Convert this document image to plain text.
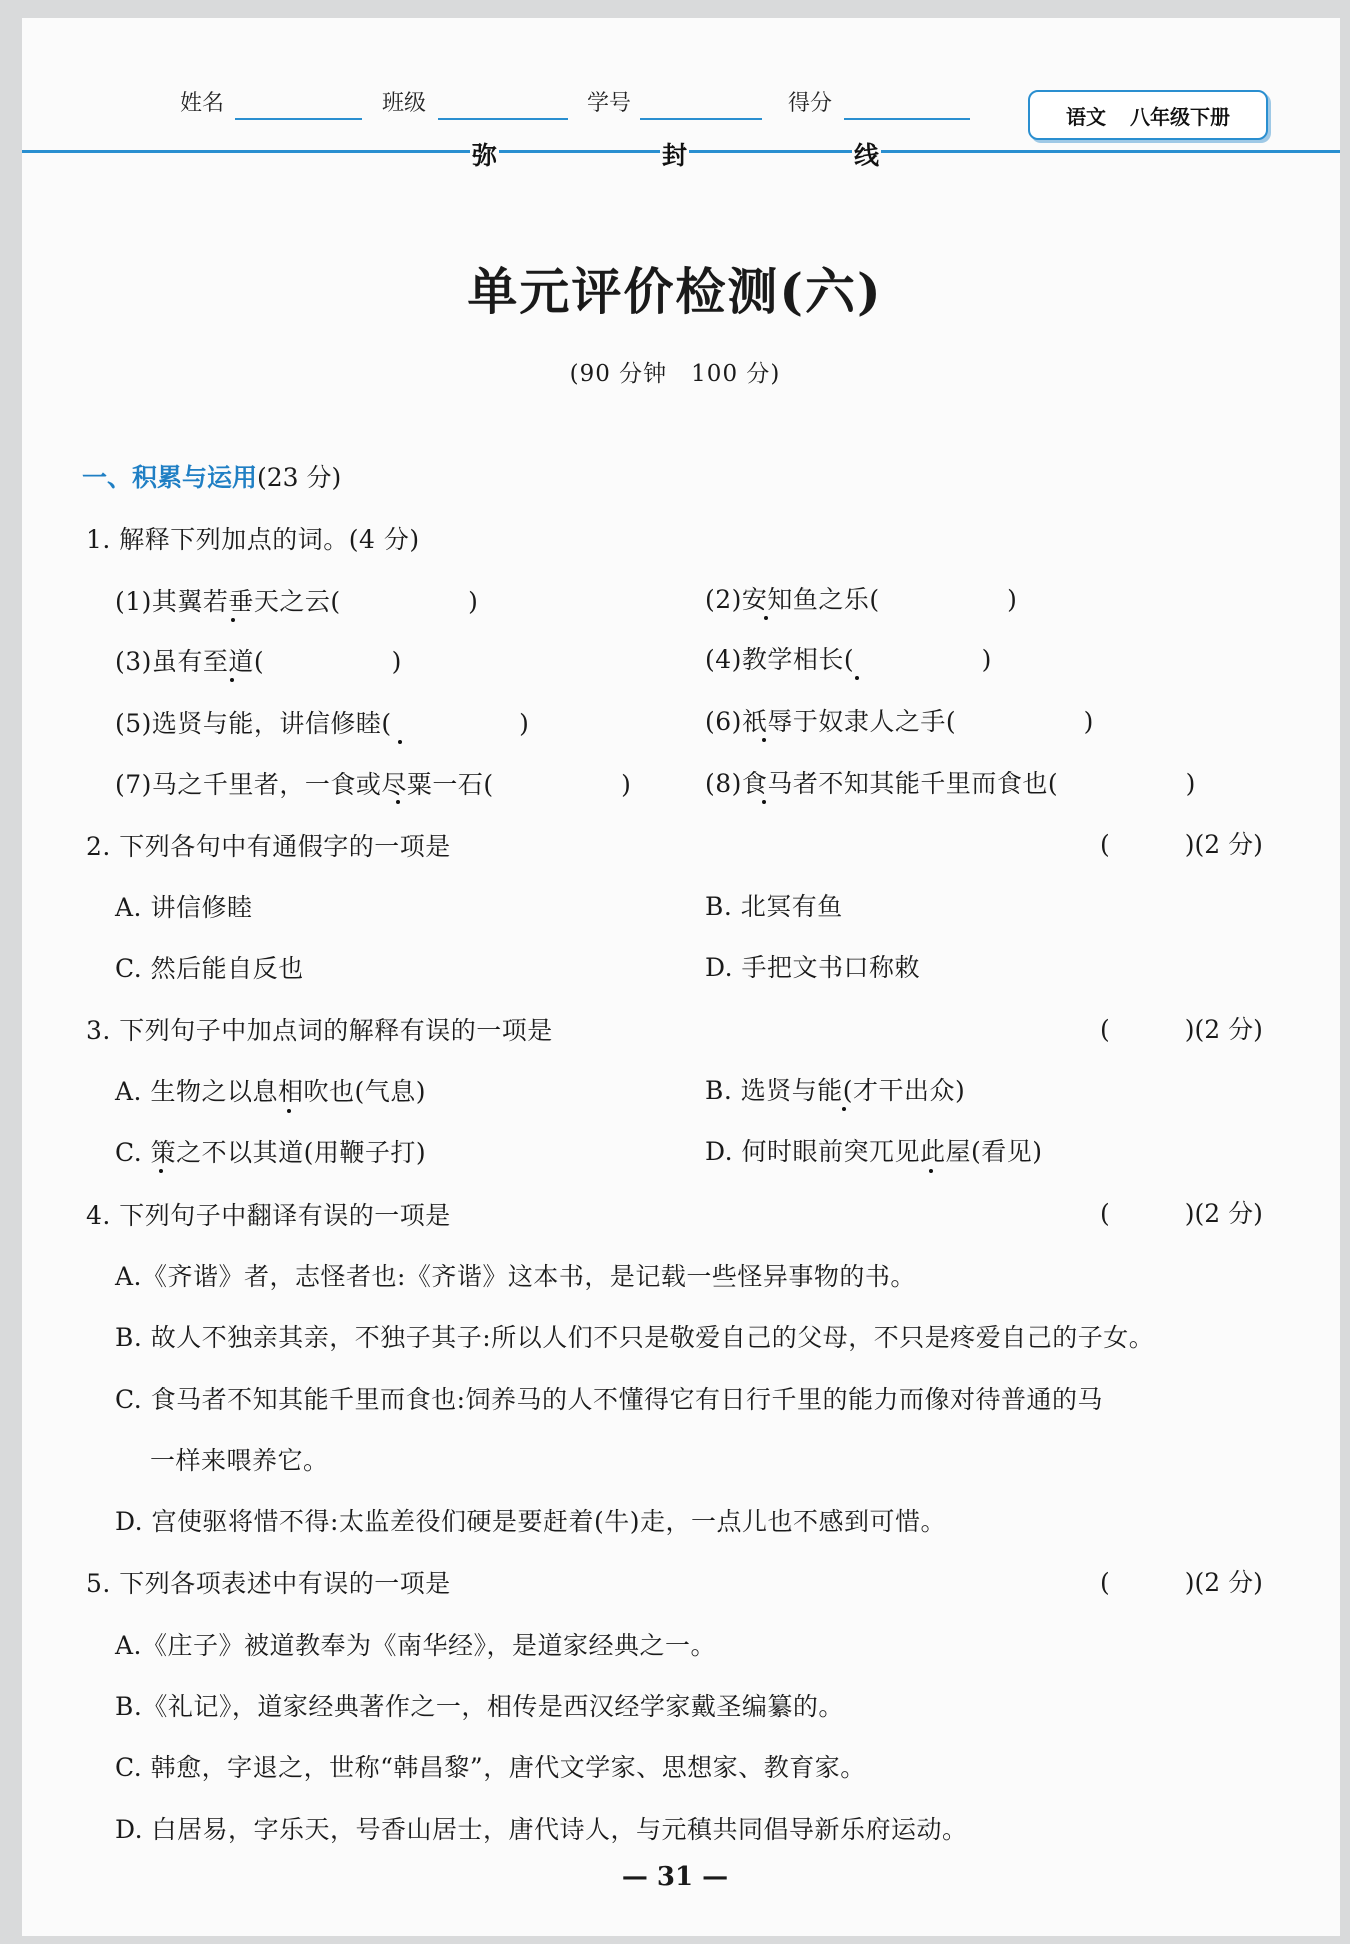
姓名	班级	学号	得分
语文 八年级下册
弥	封	线
单元评价检测(六)
(90 分钟　100 分)
一、积累与运用(23 分)
1. 解释下列加点的词。(4 分)
(1)其翼若垂天之云(　　　　　)	(2)安知鱼之乐(　　　　　)
(3)虽有至道(　　　　　)	(4)教学相长(　　　　　)
(5)选贤与能，讲信修睦(　　　　　)	(6)祇辱于奴隶人之手(　　　　　)
(7)马之千里者，一食或尽粟一石(　　　　　)	(8)食马者不知其能千里而食也(　　　　　)
2. 下列各句中有通假字的一项是	(　　　)(2 分)
A. 讲信修睦	B. 北冥有鱼
C. 然后能自反也	D. 手把文书口称敕
3. 下列句子中加点词的解释有误的一项是	(　　　)(2 分)
A. 生物之以息相吹也(气息)	B. 选贤与能(才干出众)
C. 策之不以其道(用鞭子打)	D. 何时眼前突兀见此屋(看见)
4. 下列句子中翻译有误的一项是	(　　　)(2 分)
A.《齐谐》者，志怪者也:《齐谐》这本书，是记载一些怪异事物的书。
B. 故人不独亲其亲，不独子其子:所以人们不只是敬爱自己的父母，不只是疼爱自己的子女。
C. 食马者不知其能千里而食也:饲养马的人不懂得它有日行千里的能力而像对待普通的马
一样来喂养它。
D. 宫使驱将惜不得:太监差役们硬是要赶着(牛)走，一点儿也不感到可惜。
5. 下列各项表述中有误的一项是	(　　　)(2 分)
A.《庄子》被道教奉为《南华经》，是道家经典之一。
B.《礼记》，道家经典著作之一，相传是西汉经学家戴圣编纂的。
C. 韩愈，字退之，世称“韩昌黎”，唐代文学家、思想家、教育家。
D. 白居易，字乐天，号香山居士，唐代诗人，与元稹共同倡导新乐府运动。
— 31 —
